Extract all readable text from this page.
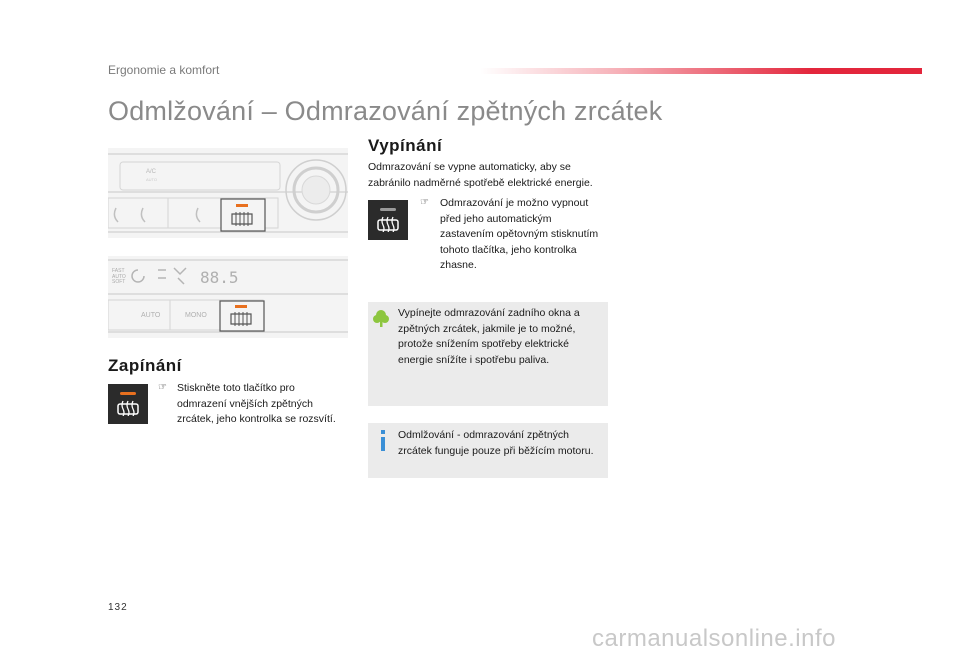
Ergonomie a komfort
Odmlžování – Odmrazování zpětných zrcátek
A/C
AUTO
FAST
AUTO
SOFT	88.5
AUTO	MONO
Zapínání
☞ Stiskněte toto tlačítko pro odmrazení vnějších zpětných zrcátek, jeho kontrolka se rozsvítí.
Vypínání
Odmrazování se vypne automaticky, aby se zabránilo nadměrné spotřebě elektrické energie.
☞ Odmrazování je možno vypnout před jeho automatickým zastavením opětovným stisknutím tohoto tlačítka, jeho kontrolka zhasne.
Vypínejte odmrazování zadního okna a zpětných zrcátek, jakmile je to možné, protože snížením spotřeby elektrické energie snížíte i spotřebu paliva.
Odmlžování - odmrazování zpětných zrcátek funguje pouze při běžícím motoru.
132
carmanualsonline.info
